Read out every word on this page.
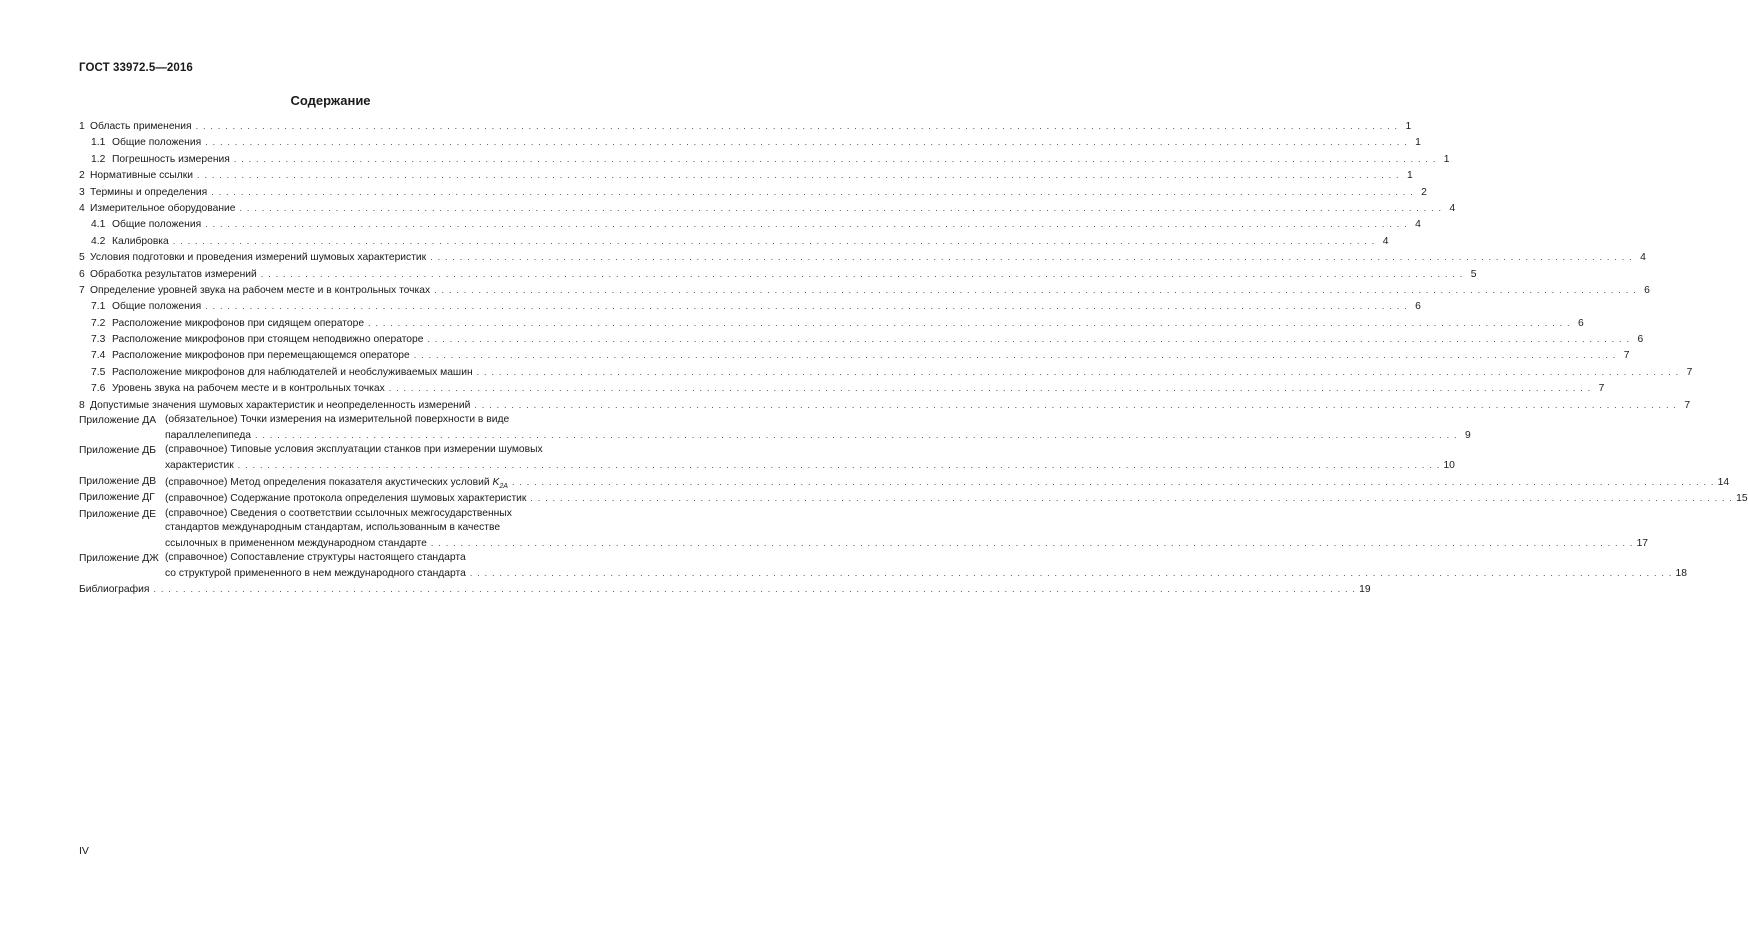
ГОСТ 33972.5—2016
Содержание
1 Область применения . . .	1
1.1 Общие положения . . .	1
1.2 Погрешность измерения . . .	1
2 Нормативные ссылки . . .	1
3 Термины и определения . . .	2
4 Измерительное оборудование . . .	4
4.1 Общие положения . . .	4
4.2 Калибровка . . .	4
5 Условия подготовки и проведения измерений шумовых характеристик . . .	4
6 Обработка результатов измерений . . .	5
7 Определение уровней звука на рабочем месте и в контрольных точках . . .	6
7.1 Общие положения . . .	6
7.2 Расположение микрофонов при сидящем операторе . . .	6
7.3 Расположение микрофонов при стоящем неподвижно операторе . . .	6
7.4 Расположение микрофонов при перемещающемся операторе . . .	7
7.5 Расположение микрофонов для наблюдателей и необслуживаемых машин . . .	7
7.6 Уровень звука на рабочем месте и в контрольных точках . . .	7
8 Допустимые значения шумовых характеристик и неопределенность измерений . . .	7
Приложение ДА (обязательное) Точки измерения на измерительной поверхности в виде
параллелепипеда . . .	9
Приложение ДБ (справочное) Типовые условия эксплуатации станков при измерении шумовых
характеристик . . .	10
Приложение ДВ (справочное) Метод определения показателя акустических условий $K_{2A}$ . . .	14
Приложение ДГ (справочное) Содержание протокола определения шумовых характеристик . . .	15
Приложение ДЕ (справочное) Сведения о соответствии ссылочных межгосударственных
стандартов международным стандартам, использованным в качестве
ссылочных в примененном международном стандарте . . .	17
Приложение ДЖ (справочное) Сопоставление структуры настоящего стандарта
со структурой примененного в нем международного стандарта . . .	18
Библиография . . .	19
IV
